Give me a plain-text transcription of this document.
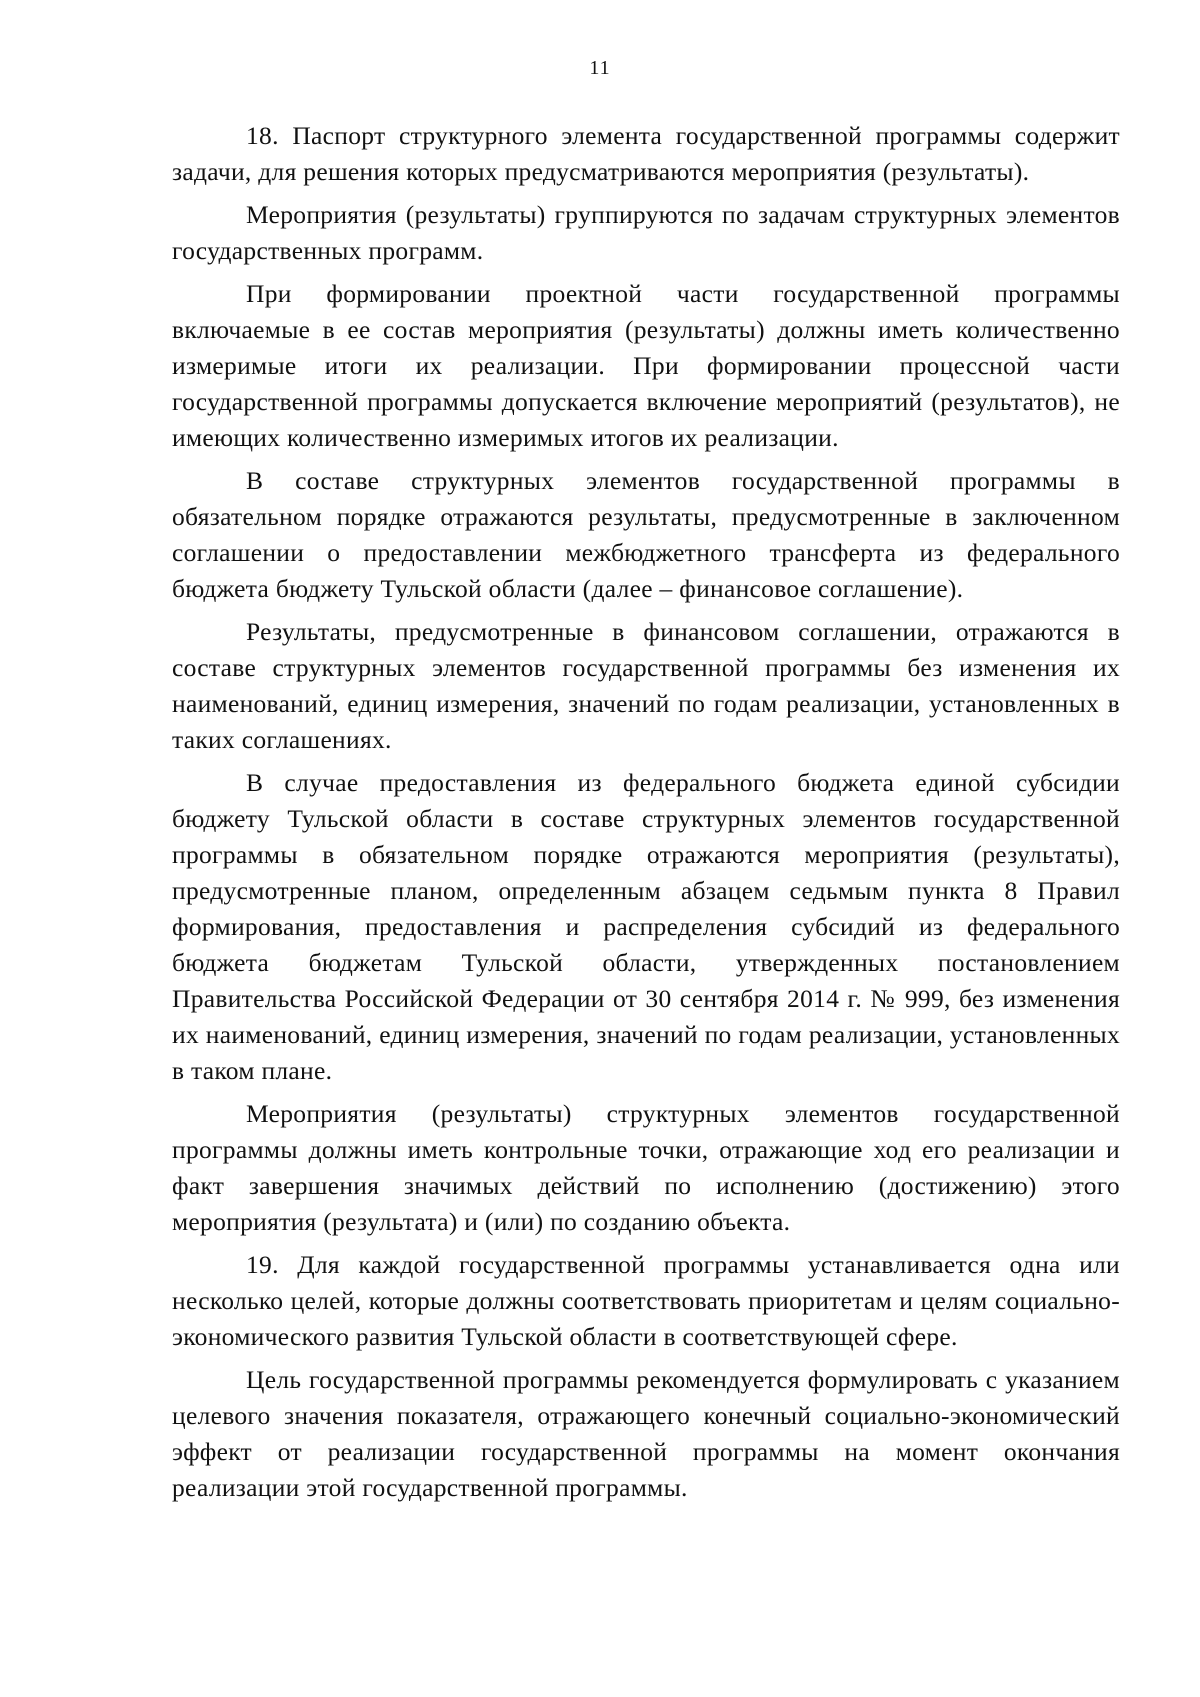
11

18. Паспорт структурного элемента государственной программы содержит задачи, для решения которых предусматриваются мероприятия (результаты).

Мероприятия (результаты) группируются по задачам структурных элементов государственных программ.

При формировании проектной части государственной программы включаемые в ее состав мероприятия (результаты) должны иметь количественно измеримые итоги их реализации. При формировании процессной части государственной программы допускается включение мероприятий (результатов), не имеющих количественно измеримых итогов их реализации.

В составе структурных элементов государственной программы в обязательном порядке отражаются результаты, предусмотренные в заключенном соглашении о предоставлении межбюджетного трансферта из федерального бюджета бюджету Тульской области (далее – финансовое соглашение).

Результаты, предусмотренные в финансовом соглашении, отражаются в составе структурных элементов государственной программы без изменения их наименований, единиц измерения, значений по годам реализации, установленных в таких соглашениях.

В случае предоставления из федерального бюджета единой субсидии бюджету Тульской области в составе структурных элементов государственной программы в обязательном порядке отражаются мероприятия (результаты), предусмотренные планом, определенным абзацем седьмым пункта 8 Правил формирования, предоставления и распределения субсидий из федерального бюджета бюджетам Тульской области, утвержденных постановлением Правительства Российской Федерации от 30 сентября 2014 г. № 999, без изменения их наименований, единиц измерения, значений по годам реализации, установленных в таком плане.

Мероприятия (результаты) структурных элементов государственной программы должны иметь контрольные точки, отражающие ход его реализации и факт завершения значимых действий по исполнению (достижению) этого мероприятия (результата) и (или) по созданию объекта.

19. Для каждой государственной программы устанавливается одна или несколько целей, которые должны соответствовать приоритетам и целям социально-экономического развития Тульской области в соответствующей сфере.

Цель государственной программы рекомендуется формулировать с указанием целевого значения показателя, отражающего конечный социально-экономический эффект от реализации государственной программы на момент окончания реализации этой государственной программы.
